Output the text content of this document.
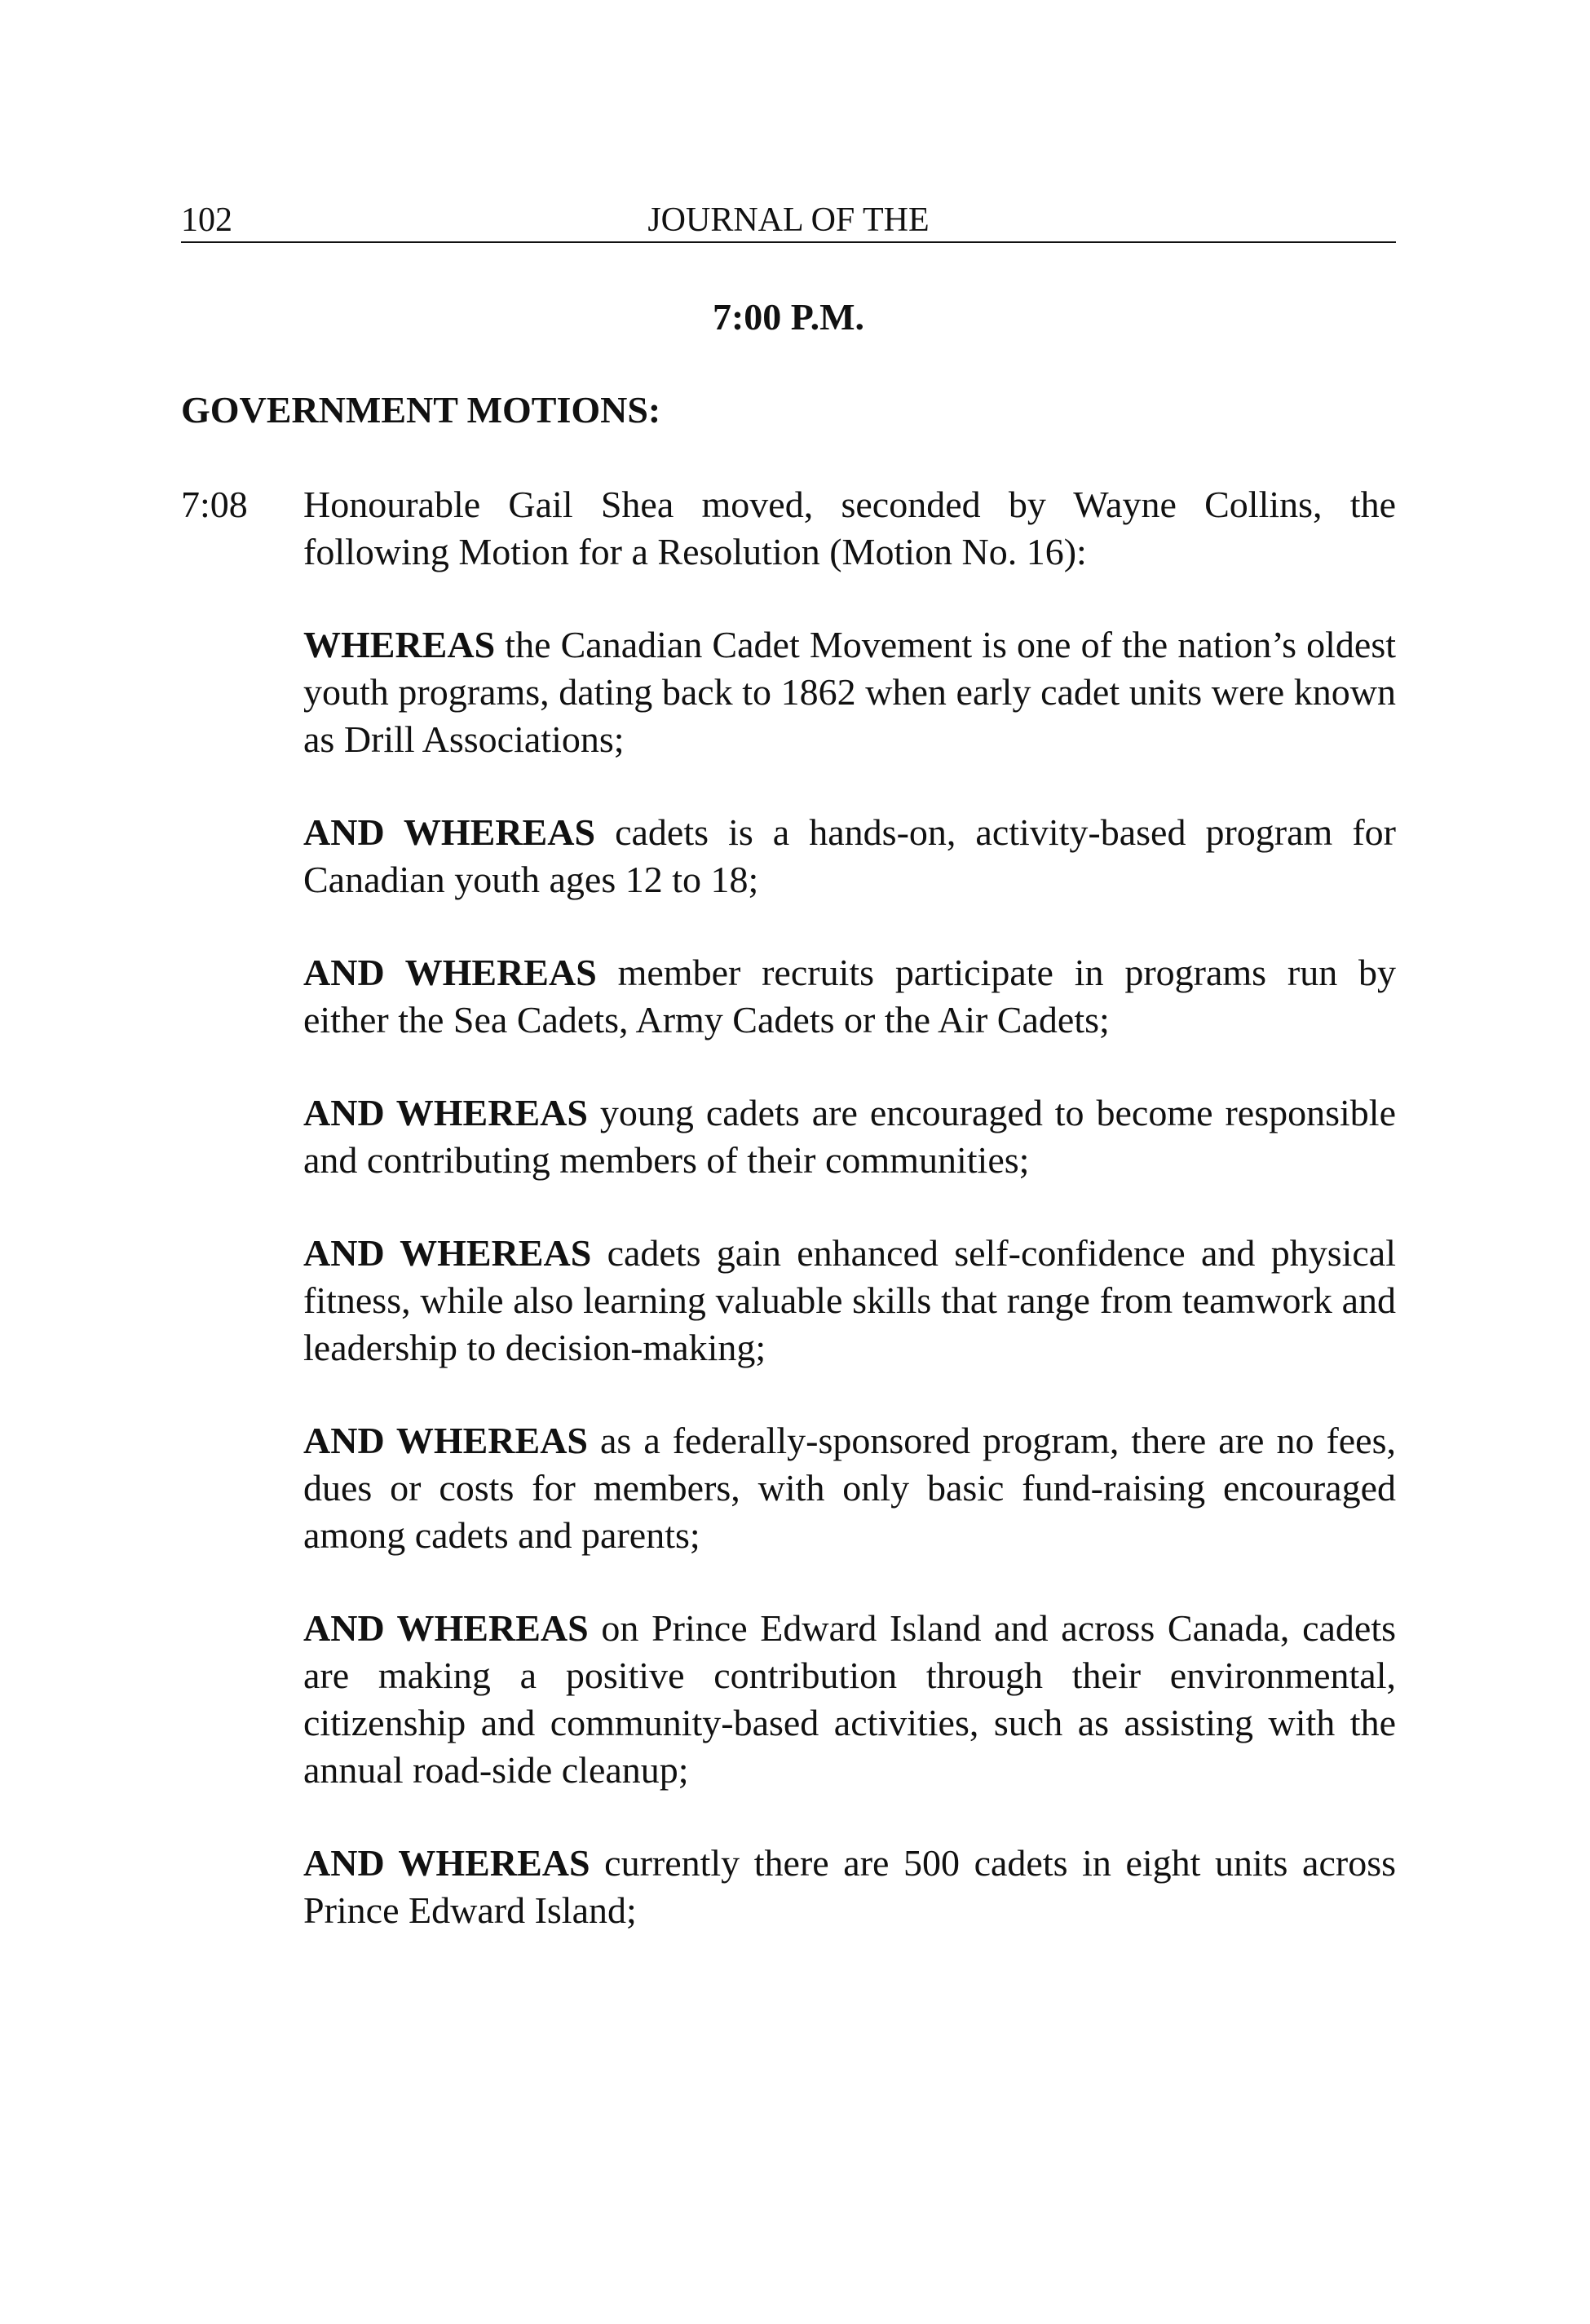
102	JOURNAL OF THE
7:00 P.M.
GOVERNMENT MOTIONS:
7:08 Honourable Gail Shea moved, seconded by Wayne Collins, the following Motion for a Resolution (Motion No. 16):

WHEREAS the Canadian Cadet Movement is one of the nation’s oldest youth programs, dating back to 1862 when early cadet units were known as Drill Associations;

AND WHEREAS cadets is a hands-on, activity-based program for Canadian youth ages 12 to 18;

AND WHEREAS member recruits participate in programs run by either the Sea Cadets, Army Cadets or the Air Cadets;

AND WHEREAS young cadets are encouraged to become responsible and contributing members of their communities;

AND WHEREAS cadets gain enhanced self-confidence and physical fitness, while also learning valuable skills that range from teamwork and leadership to decision-making;

AND WHEREAS as a federally-sponsored program, there are no fees, dues or costs for members, with only basic fund-raising encouraged among cadets and parents;

AND WHEREAS on Prince Edward Island and across Canada, cadets are making a positive contribution through their environmental, citizenship and community-based activities, such as assisting with the annual road-side cleanup;

AND WHEREAS currently there are 500 cadets in eight units across Prince Edward Island;
